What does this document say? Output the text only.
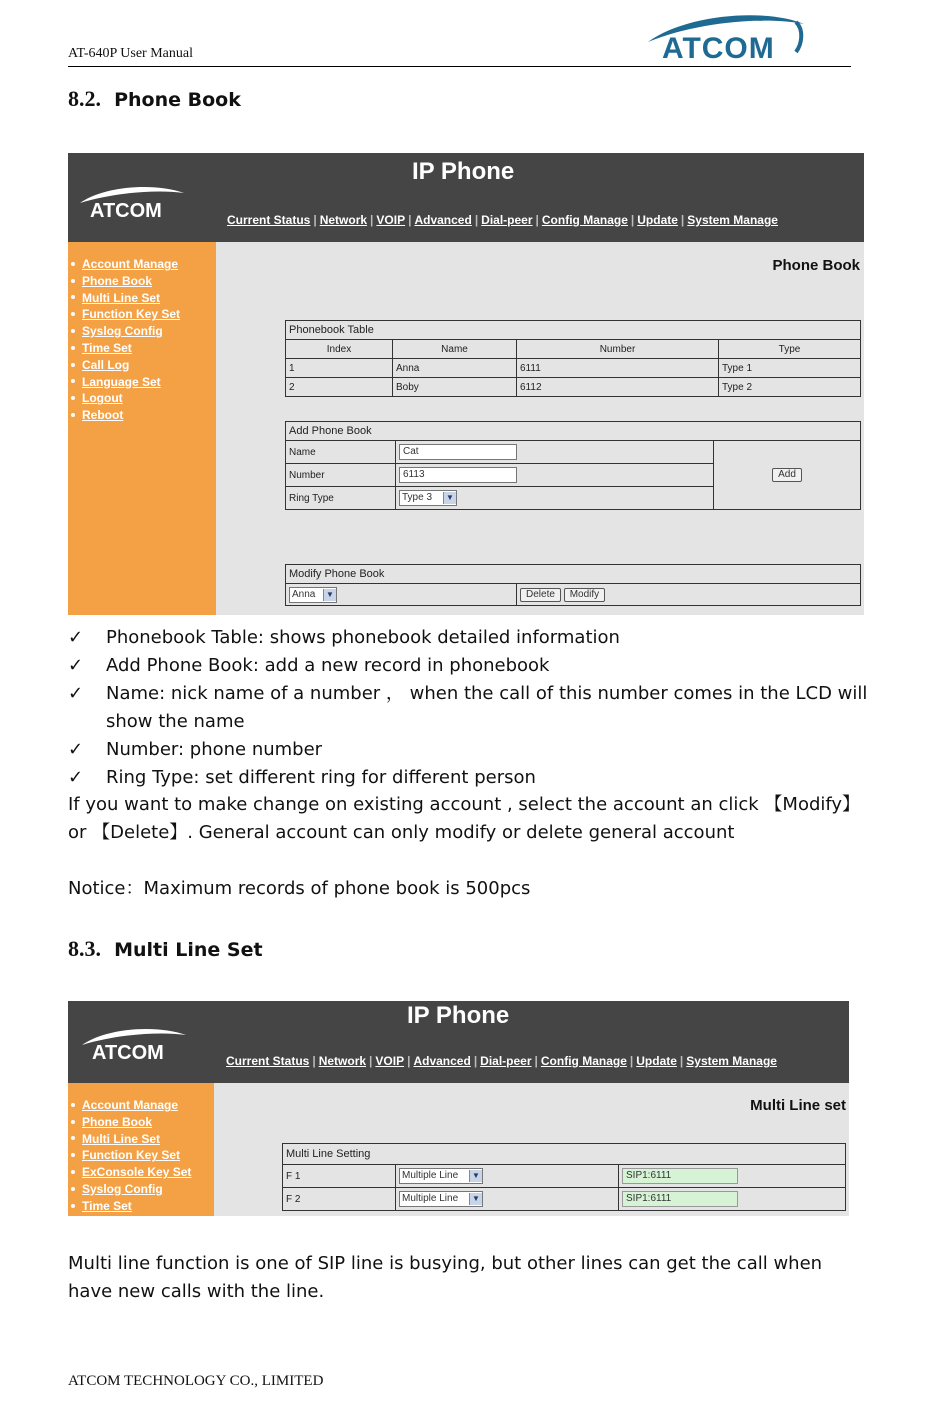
AT-640P User Manual	ATCOM
8.2. Phone Book
IP Phone
ATCOM	Current Status | Network | VOIP | Advanced | Dial-peer | Config Manage | Update | System Manage
Account Manage
Phone Book
Multi Line Set
Function Key Set
Syslog Config
Time Set
Call Log
Language Set
Logout
Reboot
Phone Book
Phonebook Table			
Index	Name	Number	Type
1	Anna	6111	Type 1
2	Boby	6112	Type 2
Add Phone Book		
Name	Cat	Add
Number	6113	
Ring Type	Type 3 ▼	
Modify Phone Book
Anna	▼	Delete Modify
✓	Phonebook Table: shows phonebook detailed information
✓	Add Phone Book: add a new record in phonebook
✓	Name: nick name of a number ， when the call of this number comes in the LCD will show the name
✓	Number: phone number
✓	Ring Type: set different ring for different person
If you want to make change on existing account , select the account an click 【Modify】or 【Delete】. General account can only modify or delete general account
Notice：Maximum records of phone book is 500pcs
8.3. Multi Line Set
IP Phone
ATCOM	Current Status | Network | VOIP | Advanced | Dial-peer | Config Manage | Update | System Manage
Account Manage
Phone Book
Multi Line Set
Function Key Set
ExConsole Key Set
Syslog Config
Time Set
Multi Line set
Multi Line Setting		
F 1	Multiple Line ▼	SIP1:6111
F 2	Multiple Line ▼	SIP1:6111
Multi line function is one of SIP line is busying, but other lines can get the call when have new calls with the line.
ATCOM TECHNOLOGY CO., LIMITED
